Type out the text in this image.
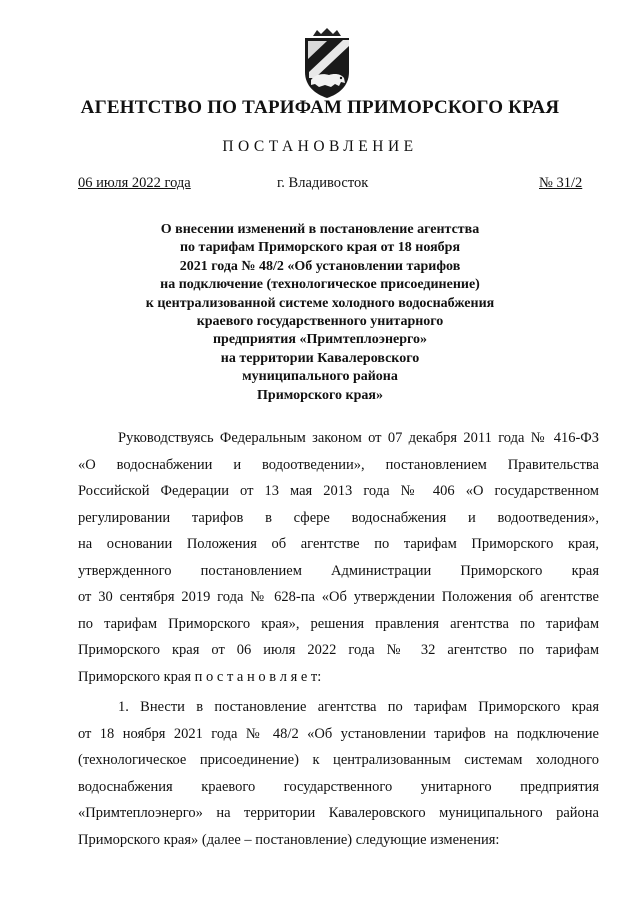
АГЕНТСТВО ПО ТАРИФАМ ПРИМОРСКОГО КРАЯ
ПОСТАНОВЛЕНИЕ
06 июля 2022 года	г. Владивосток	№ 31/2
О внесении изменений в постановление агентства
по тарифам Приморского края от 18 ноября
2021 года № 48/2 «Об установлении тарифов
на подключение (технологическое присоединение)
к централизованной системе холодного водоснабжения
краевого государственного унитарного
предприятия «Примтеплоэнерго»
на территории Кавалеровского
муниципального района
Приморского края»
Руководствуясь Федеральным законом от 07 декабря 2011 года № 416-ФЗ
«О водоснабжении и водоотведении», постановлением Правительства
Российской Федерации от 13 мая 2013 года № 406 «О государственном
регулировании тарифов в сфере водоснабжения и водоотведения»,
на основании Положения об агентстве по тарифам Приморского края,
утвержденного постановлением Администрации Приморского края
от 30 сентября 2019 года № 628-па «Об утверждении Положения об агентстве
по тарифам Приморского края», решения правления агентства по тарифам
Приморского края от 06 июля 2022 года № 32 агентство по тарифам
Приморского края п о с т а н о в л я е т:
1. Внести в постановление агентства по тарифам Приморского края
от 18 ноября 2021 года № 48/2 «Об установлении тарифов на подключение
(технологическое присоединение) к централизованным системам холодного
водоснабжения краевого государственного унитарного предприятия
«Примтеплоэнерго» на территории Кавалеровского муниципального района
Приморского края» (далее – постановление) следующие изменения:
